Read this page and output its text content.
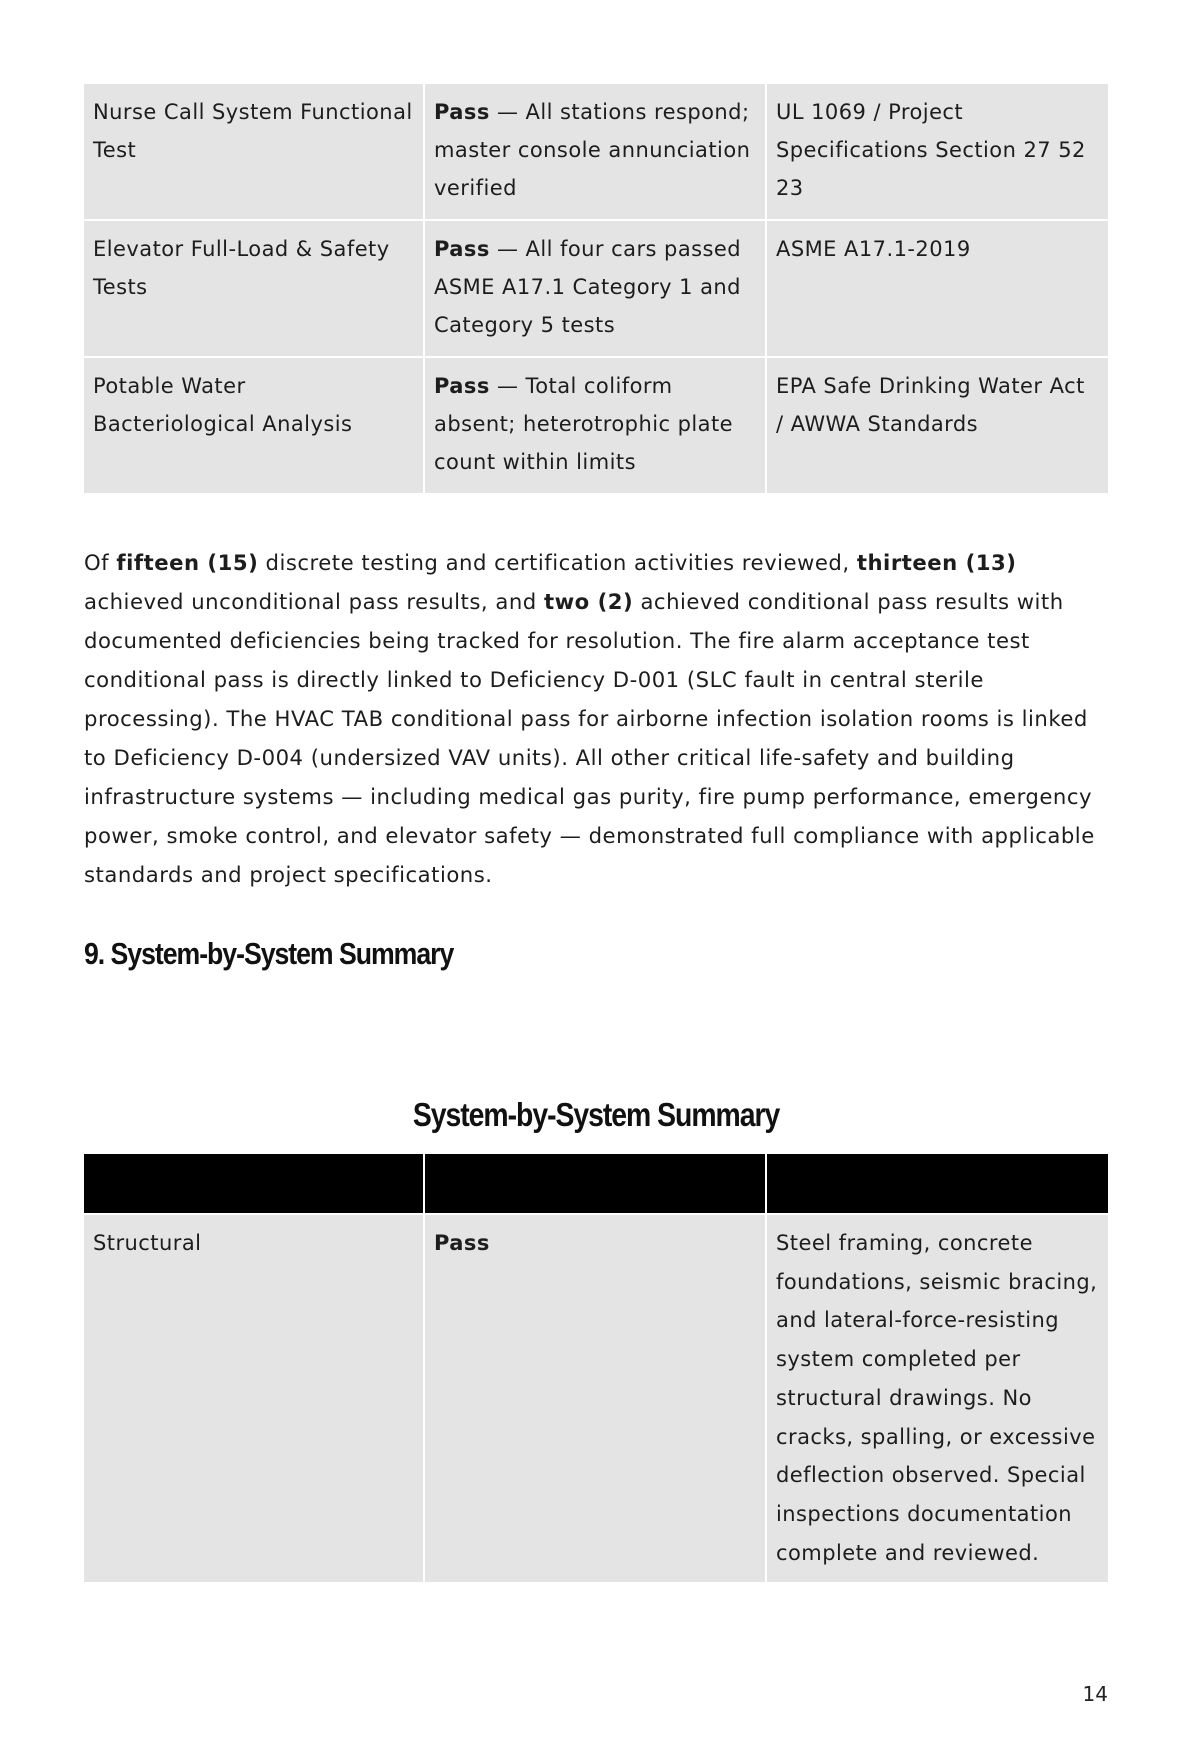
Nurse Call System Functional Test	Pass — All stations respond; master console annunciation verified	UL 1069 / Project Specifications Section 27 52 23
Elevator Full-Load & Safety Tests	Pass — All four cars passed ASME A17.1 Category 1 and Category 5 tests	ASME A17.1-2019
Potable Water Bacteriological Analysis	Pass — Total coliform absent; heterotrophic plate count within limits	EPA Safe Drinking Water Act / AWWA Standards

Of fifteen (15) discrete testing and certification activities reviewed, thirteen (13) achieved unconditional pass results, and two (2) achieved conditional pass results with documented deficiencies being tracked for resolution. The fire alarm acceptance test conditional pass is directly linked to Deficiency D-001 (SLC fault in central sterile processing). The HVAC TAB conditional pass for airborne infection isolation rooms is linked to Deficiency D-004 (undersized VAV units). All other critical life-safety and building infrastructure systems — including medical gas purity, fire pump performance, emergency power, smoke control, and elevator safety — demonstrated full compliance with applicable standards and project specifications.

9. System-by-System Summary
System-by-System Summary

Structural	Pass	Steel framing, concrete foundations, seismic bracing, and lateral-force-resisting system completed per structural drawings. No cracks, spalling, or excessive deflection observed. Special inspections documentation complete and reviewed.
14
